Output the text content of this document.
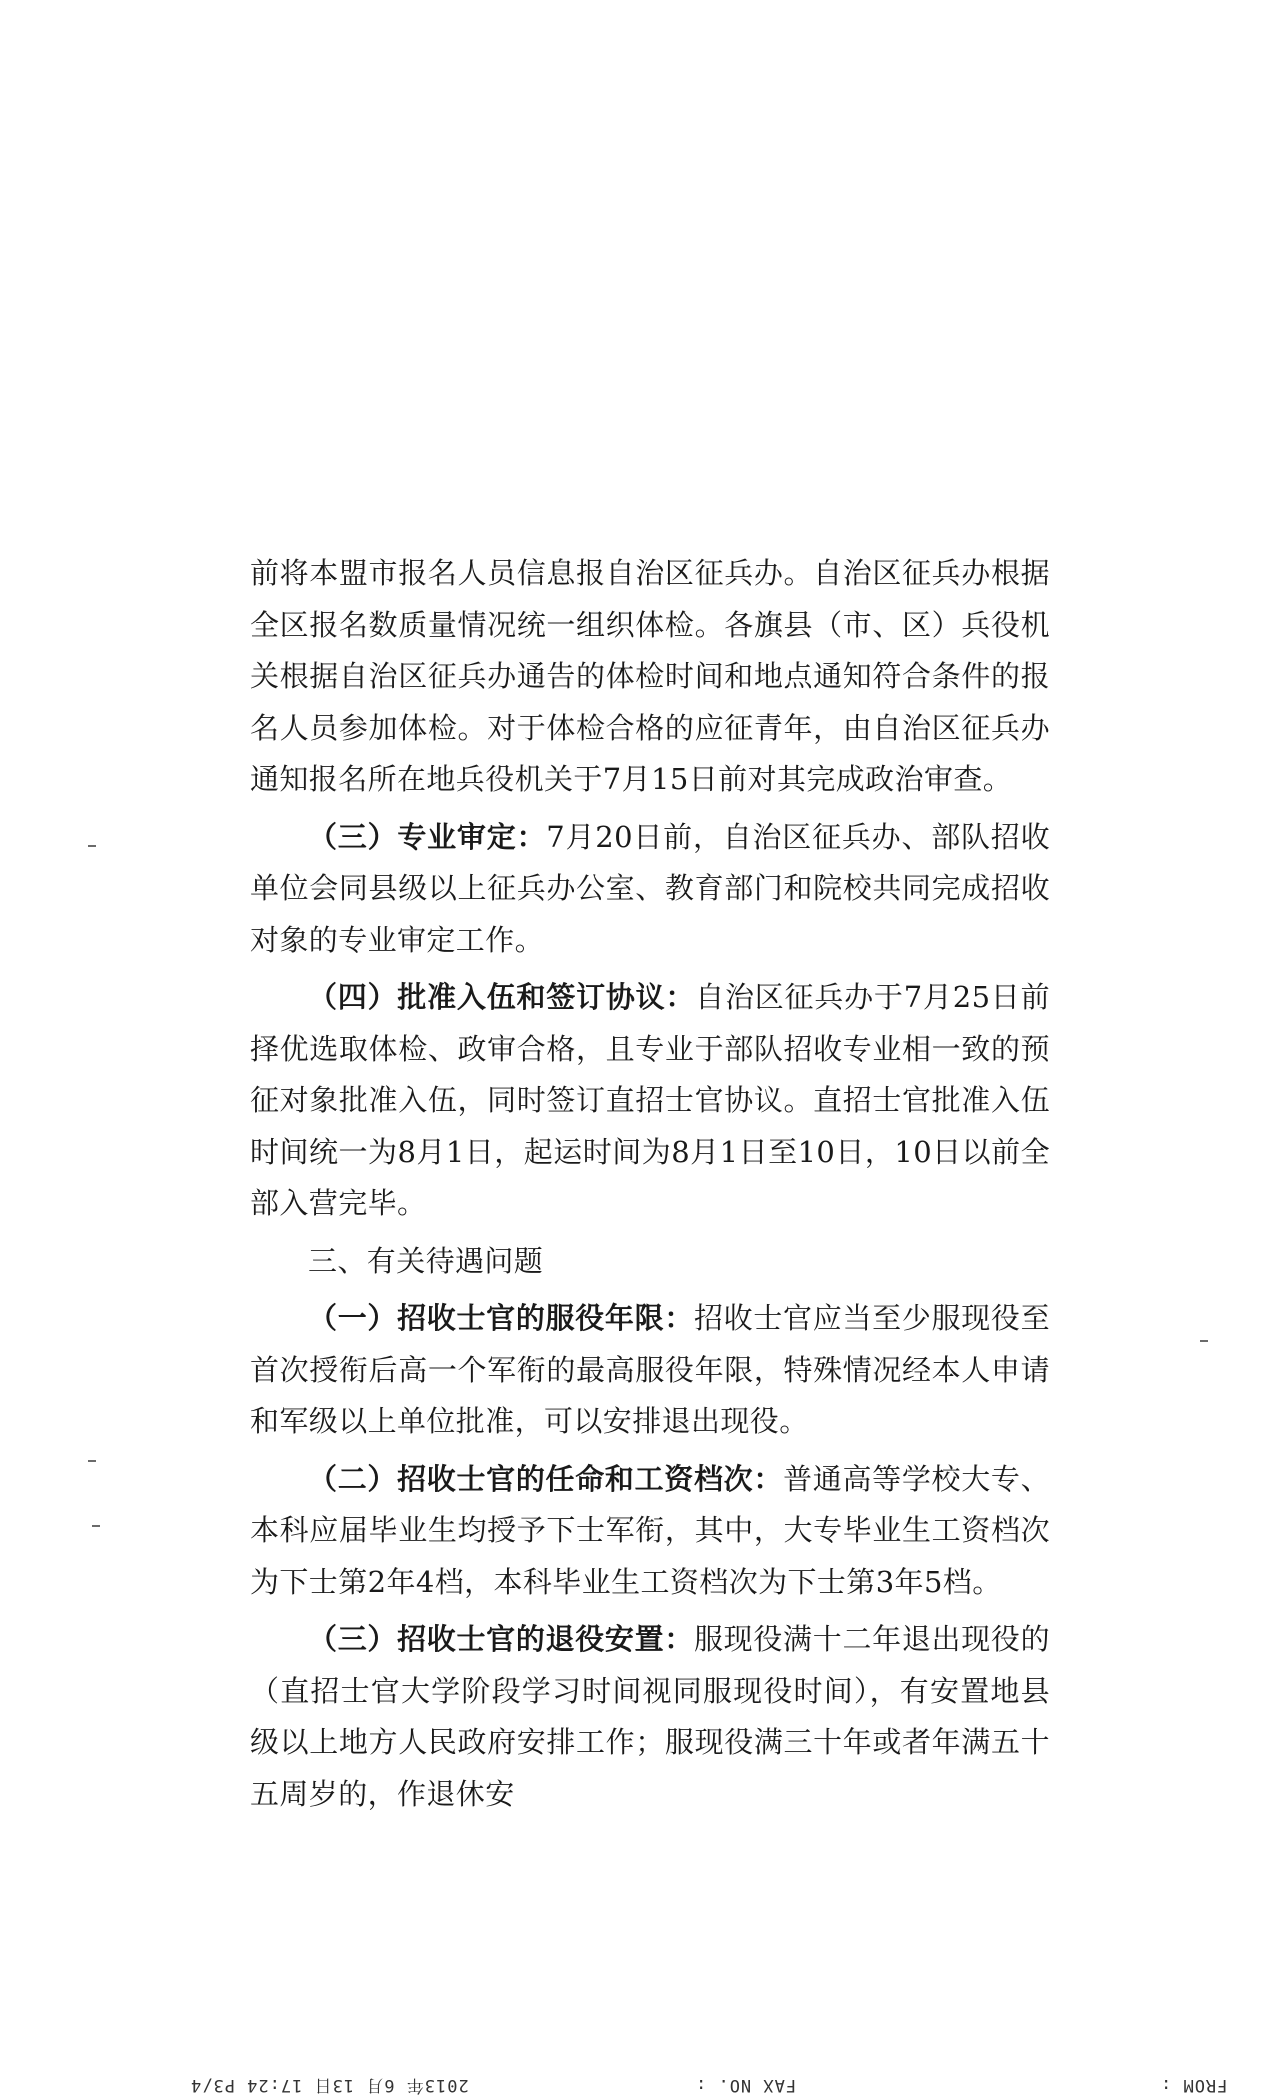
前将本盟市报名人员信息报自治区征兵办。自治区征兵办根据全区报名数质量情况统一组织体检。各旗县（市、区）兵役机关根据自治区征兵办通告的体检时间和地点通知符合条件的报名人员参加体检。对于体检合格的应征青年，由自治区征兵办通知报名所在地兵役机关于7月15日前对其完成政治审查。

（三）专业审定：7月20日前，自治区征兵办、部队招收单位会同县级以上征兵办公室、教育部门和院校共同完成招收对象的专业审定工作。

（四）批准入伍和签订协议：自治区征兵办于7月25日前择优选取体检、政审合格，且专业于部队招收专业相一致的预征对象批准入伍，同时签订直招士官协议。直招士官批准入伍时间统一为8月1日，起运时间为8月1日至10日，10日以前全部入营完毕。

三、有关待遇问题

（一）招收士官的服役年限：招收士官应当至少服现役至首次授衔后高一个军衔的最高服役年限，特殊情况经本人申请和军级以上单位批准，可以安排退出现役。

（二）招收士官的任命和工资档次：普通高等学校大专、本科应届毕业生均授予下士军衔，其中，大专毕业生工资档次为下士第2年4档，本科毕业生工资档次为下士第3年5档。

（三）招收士官的退役安置：服现役满十二年退出现役的（直招士官大学阶段学习时间视同服现役时间），有安置地县级以上地方人民政府安排工作；服现役满三十年或者年满五十五周岁的，作退休安

2013年 6月 13日 17:24 P3/4	FAX NO. :	FROM :
